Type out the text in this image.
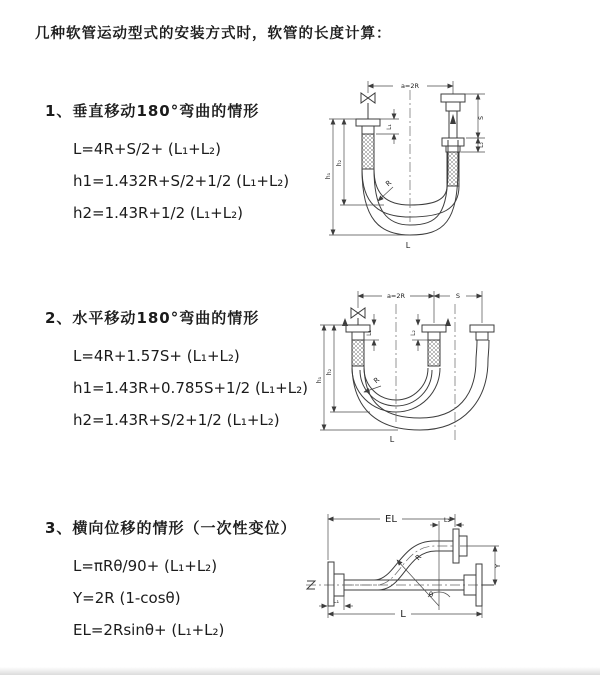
几种软管运动型式的安装方式时，软管的长度计算：
1、垂直移动180°弯曲的情形
L=4R+S/2+ (L₁+L₂)
h1=1.432R+S/2+1/2 (L₁+L₂)
h2=1.43R+1/2 (L₁+L₂)
2、水平移动180°弯曲的情形
L=4R+1.57S+ (L₁+L₂)
h1=1.43R+0.785S+1/2 (L₁+L₂)
h2=1.43R+S/2+1/2 (L₁+L₂)
3、横向位移的情形（一次性变位）
L=πRθ/90+ (L₁+L₂)
Y=2R (1-cosθ)
EL=2Rsinθ+ (L₁+L₂)
a=2R
L₁
h₁
h₂
S
L₂
R
L
a=2R	S
L₁	L₂
h₁
h₂
R
L
EL	L₂
R
θ
Y
L
L₁
